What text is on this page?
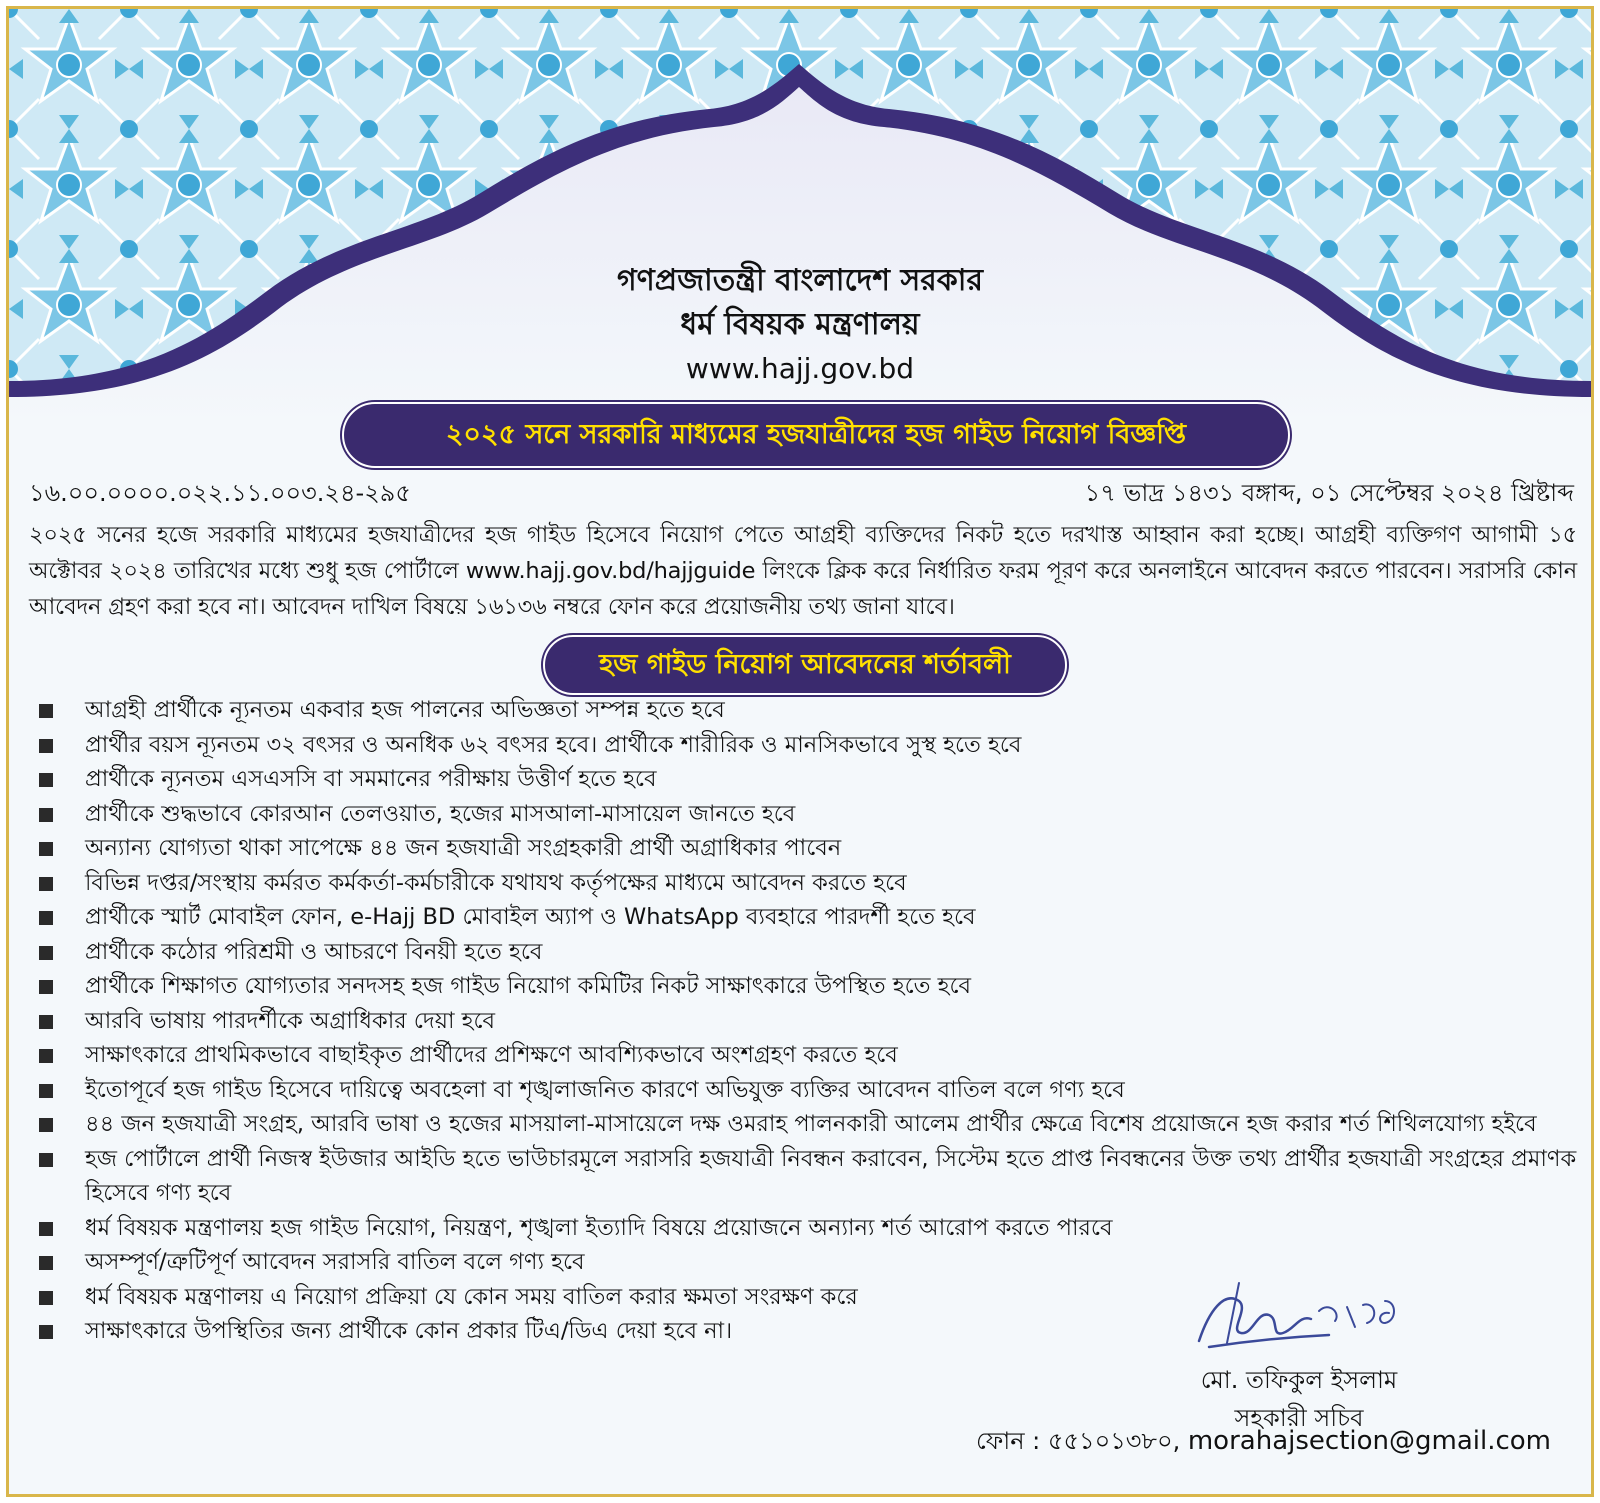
গণপ্রজাতন্ত্রী বাংলাদেশ সরকার
ধর্ম বিষয়ক মন্ত্রণালয়
www.hajj.gov.bd
২০২৫ সনে সরকারি মাধ্যমের হজযাত্রীদের হজ গাইড নিয়োগ বিজ্ঞপ্তি
১৬.০০.০০০০.০২২.১১.০০৩.২৪-২৯৫	১৭ ভাদ্র ১৪৩১ বঙ্গাব্দ, ০১ সেপ্টেম্বর ২০২৪ খ্রিষ্টাব্দ
২০২৫ সনের হজে সরকারি মাধ্যমের হজযাত্রীদের হজ গাইড হিসেবে নিয়োগ পেতে আগ্রহী ব্যক্তিদের নিকট হতে দরখাস্ত আহ্বান করা হচ্ছে। আগ্রহী ব্যক্তিগণ আগামী ১৫ অক্টোবর ২০২৪ তারিখের মধ্যে শুধু হজ পোর্টালে www.hajj.gov.bd/hajjguide লিংকে ক্লিক করে নির্ধারিত ফরম পূরণ করে অনলাইনে আবেদন করতে পারবেন। সরাসরি কোন আবেদন গ্রহণ করা হবে না। আবেদন দাখিল বিষয়ে ১৬১৩৬ নম্বরে ফোন করে প্রয়োজনীয় তথ্য জানা যাবে।
হজ গাইড নিয়োগ আবেদনের শর্তাবলী
আগ্রহী প্রার্থীকে ন্যূনতম একবার হজ পালনের অভিজ্ঞতা সম্পন্ন হতে হবে
প্রার্থীর বয়স ন্যূনতম ৩২ বৎসর ও অনধিক ৬২ বৎসর হবে। প্রার্থীকে শারীরিক ও মানসিকভাবে সুস্থ হতে হবে
প্রার্থীকে ন্যূনতম এসএসসি বা সমমানের পরীক্ষায় উত্তীর্ণ হতে হবে
প্রার্থীকে শুদ্ধভাবে কোরআন তেলওয়াত, হজের মাসআলা-মাসায়েল জানতে হবে
অন্যান্য যোগ্যতা থাকা সাপেক্ষে ৪৪ জন হজযাত্রী সংগ্রহকারী প্রার্থী অগ্রাধিকার পাবেন
বিভিন্ন দপ্তর/সংস্থায় কর্মরত কর্মকর্তা-কর্মচারীকে যথাযথ কর্তৃপক্ষের মাধ্যমে আবেদন করতে হবে
প্রার্থীকে স্মার্ট মোবাইল ফোন, e-Hajj BD মোবাইল অ্যাপ ও WhatsApp ব্যবহারে পারদর্শী হতে হবে
প্রার্থীকে কঠোর পরিশ্রমী ও আচরণে বিনয়ী হতে হবে
প্রার্থীকে শিক্ষাগত যোগ্যতার সনদসহ হজ গাইড নিয়োগ কমিটির নিকট সাক্ষাৎকারে উপস্থিত হতে হবে
আরবি ভাষায় পারদর্শীকে অগ্রাধিকার দেয়া হবে
সাক্ষাৎকারে প্রাথমিকভাবে বাছাইকৃত প্রার্থীদের প্রশিক্ষণে আবশ্যিকভাবে অংশগ্রহণ করতে হবে
ইতোপূর্বে হজ গাইড হিসেবে দায়িত্বে অবহেলা বা শৃঙ্খলাজনিত কারণে অভিযুক্ত ব্যক্তির আবেদন বাতিল বলে গণ্য হবে
৪৪ জন হজযাত্রী সংগ্রহ, আরবি ভাষা ও হজের মাসয়ালা-মাসায়েলে দক্ষ ওমরাহ পালনকারী আলেম প্রার্থীর ক্ষেত্রে বিশেষ প্রয়োজনে হজ করার শর্ত শিথিলযোগ্য হইবে
হজ পোর্টালে প্রার্থী নিজস্ব ইউজার আইডি হতে ভাউচারমূলে সরাসরি হজযাত্রী নিবন্ধন করাবেন, সিস্টেম হতে প্রাপ্ত নিবন্ধনের উক্ত তথ্য প্রার্থীর হজযাত্রী সংগ্রহের প্রমাণক হিসেবে গণ্য হবে
ধর্ম বিষয়ক মন্ত্রণালয় হজ গাইড নিয়োগ, নিয়ন্ত্রণ, শৃঙ্খলা ইত্যাদি বিষয়ে প্রয়োজনে অন্যান্য শর্ত আরোপ করতে পারবে
অসম্পূর্ণ/ত্রুটিপূর্ণ আবেদন সরাসরি বাতিল বলে গণ্য হবে
ধর্ম বিষয়ক মন্ত্রণালয় এ নিয়োগ প্রক্রিয়া যে কোন সময় বাতিল করার ক্ষমতা সংরক্ষণ করে
সাক্ষাৎকারে উপস্থিতির জন্য প্রার্থীকে কোন প্রকার টিএ/ডিএ দেয়া হবে না।
মো. তফিকুল ইসলাম
সহকারী সচিব
ফোন : ৫৫১০১৩৮০, morahajsection@gmail.com
